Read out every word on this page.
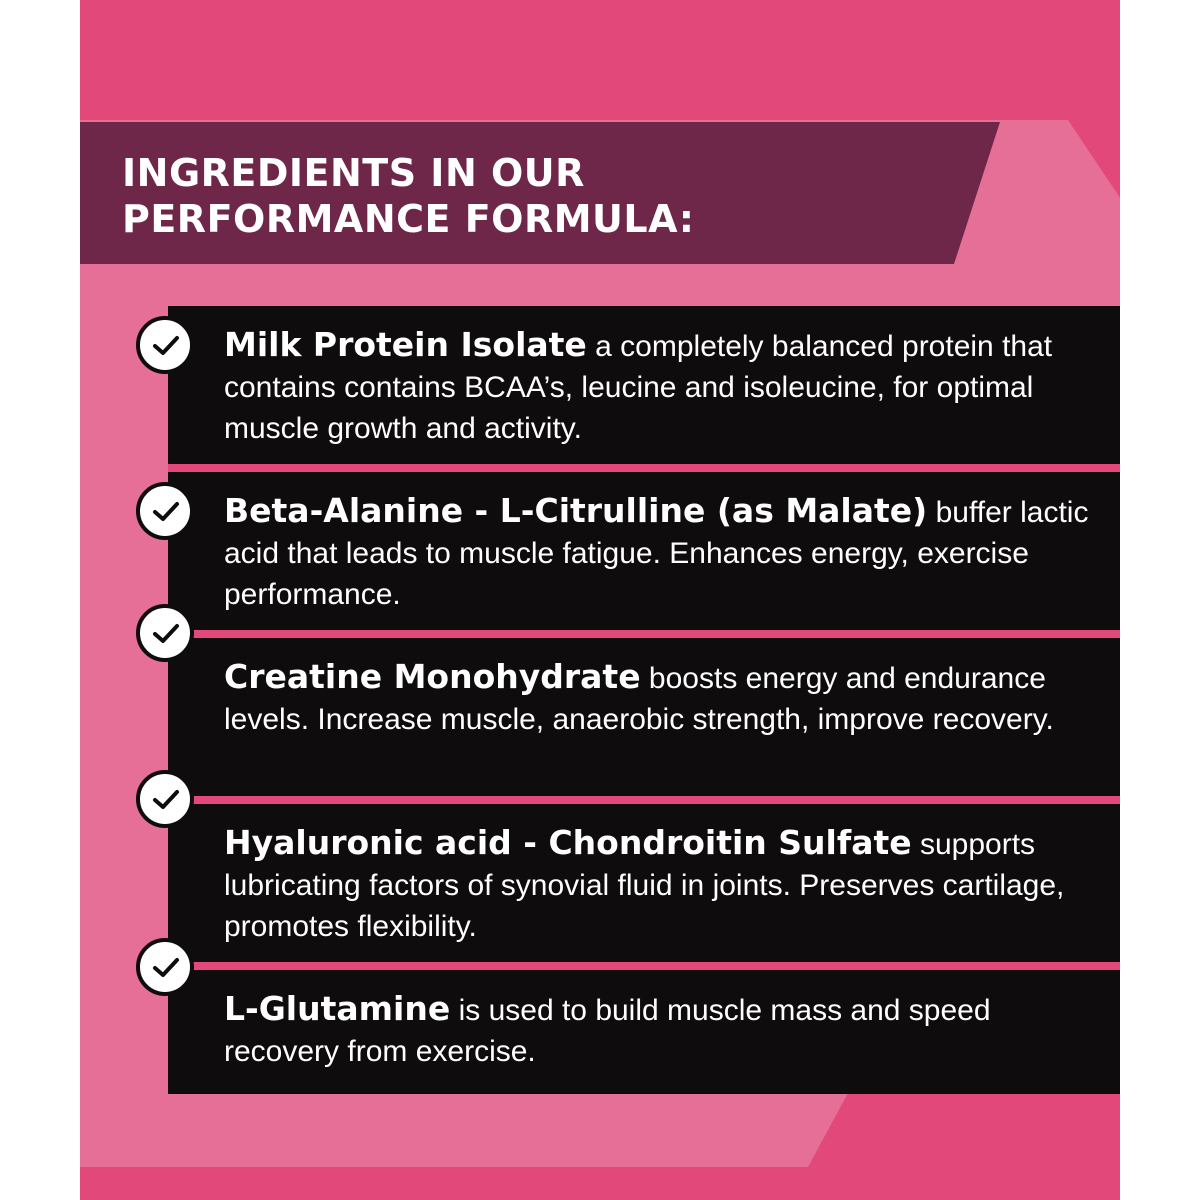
INGREDIENTS IN OUR
PERFORMANCE FORMULA:
Milk Protein Isolate a completely balanced protein that contains contains BCAA’s, leucine and isoleucine, for optimal muscle growth and activity.
Beta-Alanine - L-Citrulline (as Malate) buffer lactic acid that leads to muscle fatigue. Enhances energy, exercise performance.
Creatine Monohydrate boosts energy and endurance levels. Increase muscle, anaerobic strength, improve recovery.
Hyaluronic acid - Chondroitin Sulfate supports lubricating factors of synovial fluid in joints. Preserves cartilage, promotes flexibility.
L-Glutamine is used to build muscle mass and speed recovery from exercise.
